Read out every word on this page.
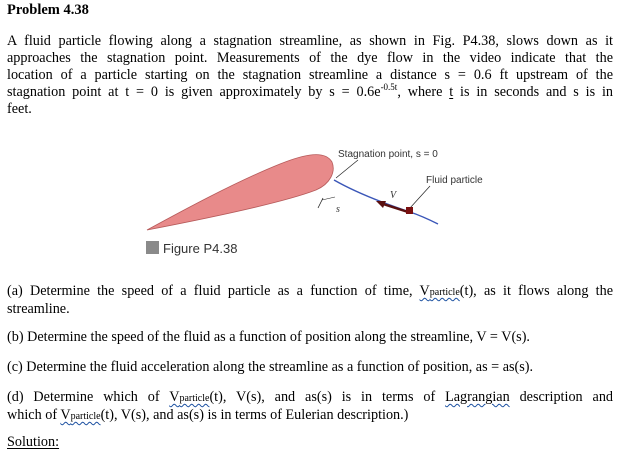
Problem 4.38
A fluid particle flowing along a stagnation streamline, as shown in Fig. P4.38, slows down as it
approaches the stagnation point. Measurements of the dye flow in the video indicate that the
location of a particle starting on the stagnation streamline a distance s = 0.6 ft upstream of the
stagnation point at t = 0 is given approximately by $s = 0.6e^{-0.5t}$, where t is in seconds and s is in
feet.
Stagnation point, s = 0
Fluid particle
V
s
Figure P4.38
(a) Determine the speed of a fluid particle as a function of time, Vparticle(t), as it flows along the
streamline.
(b) Determine the speed of the fluid as a function of position along the streamline, V = V(s).
(c) Determine the fluid acceleration along the streamline as a function of position, as = as(s).
(d) Determine which of Vparticle(t), V(s), and as(s) is in terms of Lagrangian description and
which of Vparticle(t), V(s), and as(s) is in terms of Eulerian description.)
Solution:
